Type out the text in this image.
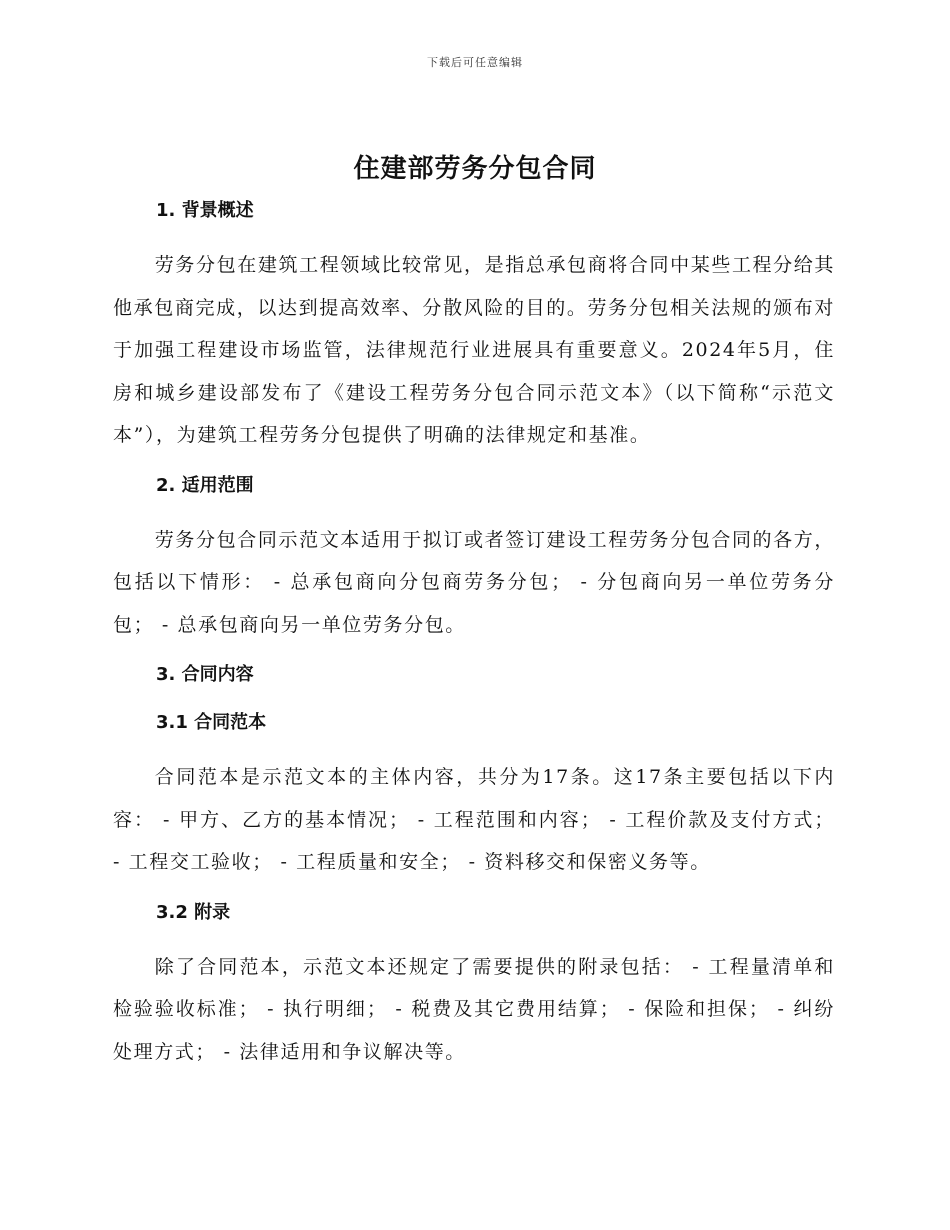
下载后可任意编辑
住建部劳务分包合同
1. 背景概述

劳务分包在建筑工程领域比较常见，是指总承包商将合同中某些工程分给其他承包商完成，以达到提高效率、分散风险的目的。劳务分包相关法规的颁布对于加强工程建设市场监管，法律规范行业进展具有重要意义。2024年5月，住房和城乡建设部发布了《建设工程劳务分包合同示范文本》（以下简称“示范文本”），为建筑工程劳务分包提供了明确的法律规定和基准。

2. 适用范围

劳务分包合同示范文本适用于拟订或者签订建设工程劳务分包合同的各方，包括以下情形： - 总承包商向分包商劳务分包； - 分包商向另一单位劳务分包； - 总承包商向另一单位劳务分包。

3. 合同内容
3.1 合同范本

合同范本是示范文本的主体内容，共分为17条。这17条主要包括以下内容： - 甲方、乙方的基本情况； - 工程范围和内容； - 工程价款及支付方式； - 工程交工验收； - 工程质量和安全； - 资料移交和保密义务等。

3.2 附录

除了合同范本，示范文本还规定了需要提供的附录包括： - 工程量清单和检验验收标准； - 执行明细； - 税费及其它费用结算； - 保险和担保； - 纠纷处理方式； - 法律适用和争议解决等。
